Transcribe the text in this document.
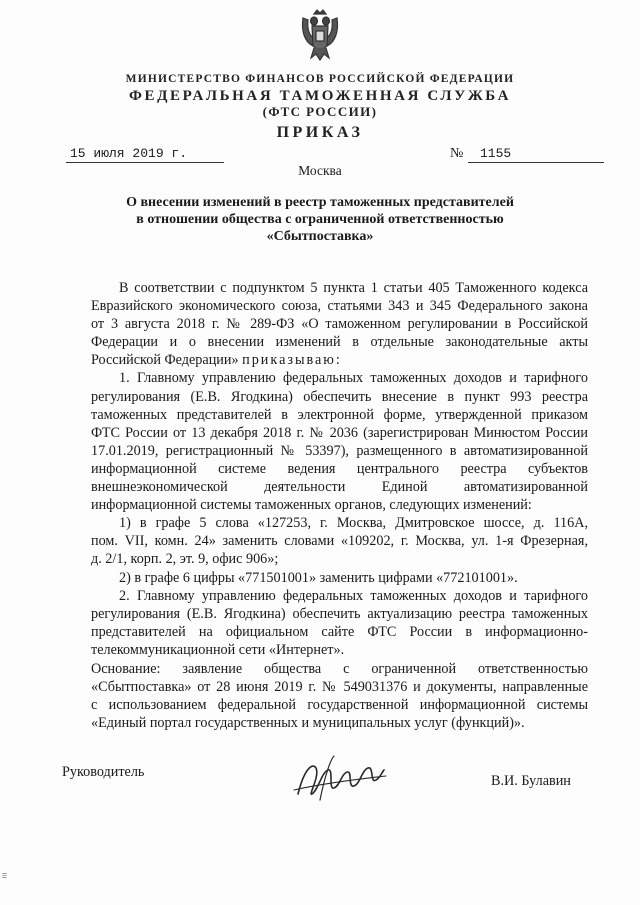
МИНИСТЕРСТВО ФИНАНСОВ РОССИЙСКОЙ ФЕДЕРАЦИИ
ФЕДЕРАЛЬНАЯ ТАМОЖЕННАЯ СЛУЖБА
(ФТС РОССИИ)
ПРИКАЗ
15 июля 2019 г.	№	1155
Москва
О внесении изменений в реестр таможенных представителей
в отношении общества с ограниченной ответственностью
«Сбытпоставка»
В соответствии с подпунктом 5 пункта 1 статьи 405 Таможенного кодекса
Евразийского экономического союза, статьями 343 и 345 Федерального закона
от 3 августа 2018 г. № 289-ФЗ «О таможенном регулировании в Российской
Федерации и о внесении изменений в отдельные законодательные акты
Российской Федерации» приказываю:
1. Главному управлению федеральных таможенных доходов и тарифного
регулирования (Е.В. Ягодкина) обеспечить внесение в пункт 993 реестра
таможенных представителей в электронной форме, утвержденной приказом
ФТС России от 13 декабря 2018 г. № 2036 (зарегистрирован Минюстом России
17.01.2019, регистрационный № 53397), размещенного в автоматизированной
информационной системе ведения центрального реестра субъектов
внешнеэкономической деятельности Единой автоматизированной
информационной системы таможенных органов, следующих изменений:
1) в графе 5 слова «127253, г. Москва, Дмитровское шоссе, д. 116А,
пом. VII, комн. 24» заменить словами «109202, г. Москва, ул. 1-я Фрезерная,
д. 2/1, корп. 2, эт. 9, офис 906»;
2) в графе 6 цифры «771501001» заменить цифрами «772101001».
2. Главному управлению федеральных таможенных доходов и тарифного
регулирования (Е.В. Ягодкина) обеспечить актуализацию реестра таможенных
представителей на официальном сайте ФТС России в информационно-
телекоммуникационной сети «Интернет».
Основание: заявление общества с ограниченной ответственностью
«Сбытпоставка» от 28 июня 2019 г. № 549031376 и документы, направленные
с использованием федеральной государственной информационной системы
«Единый портал государственных и муниципальных услуг (функций)».
Руководитель
В.И. Булавин
ⲷ
